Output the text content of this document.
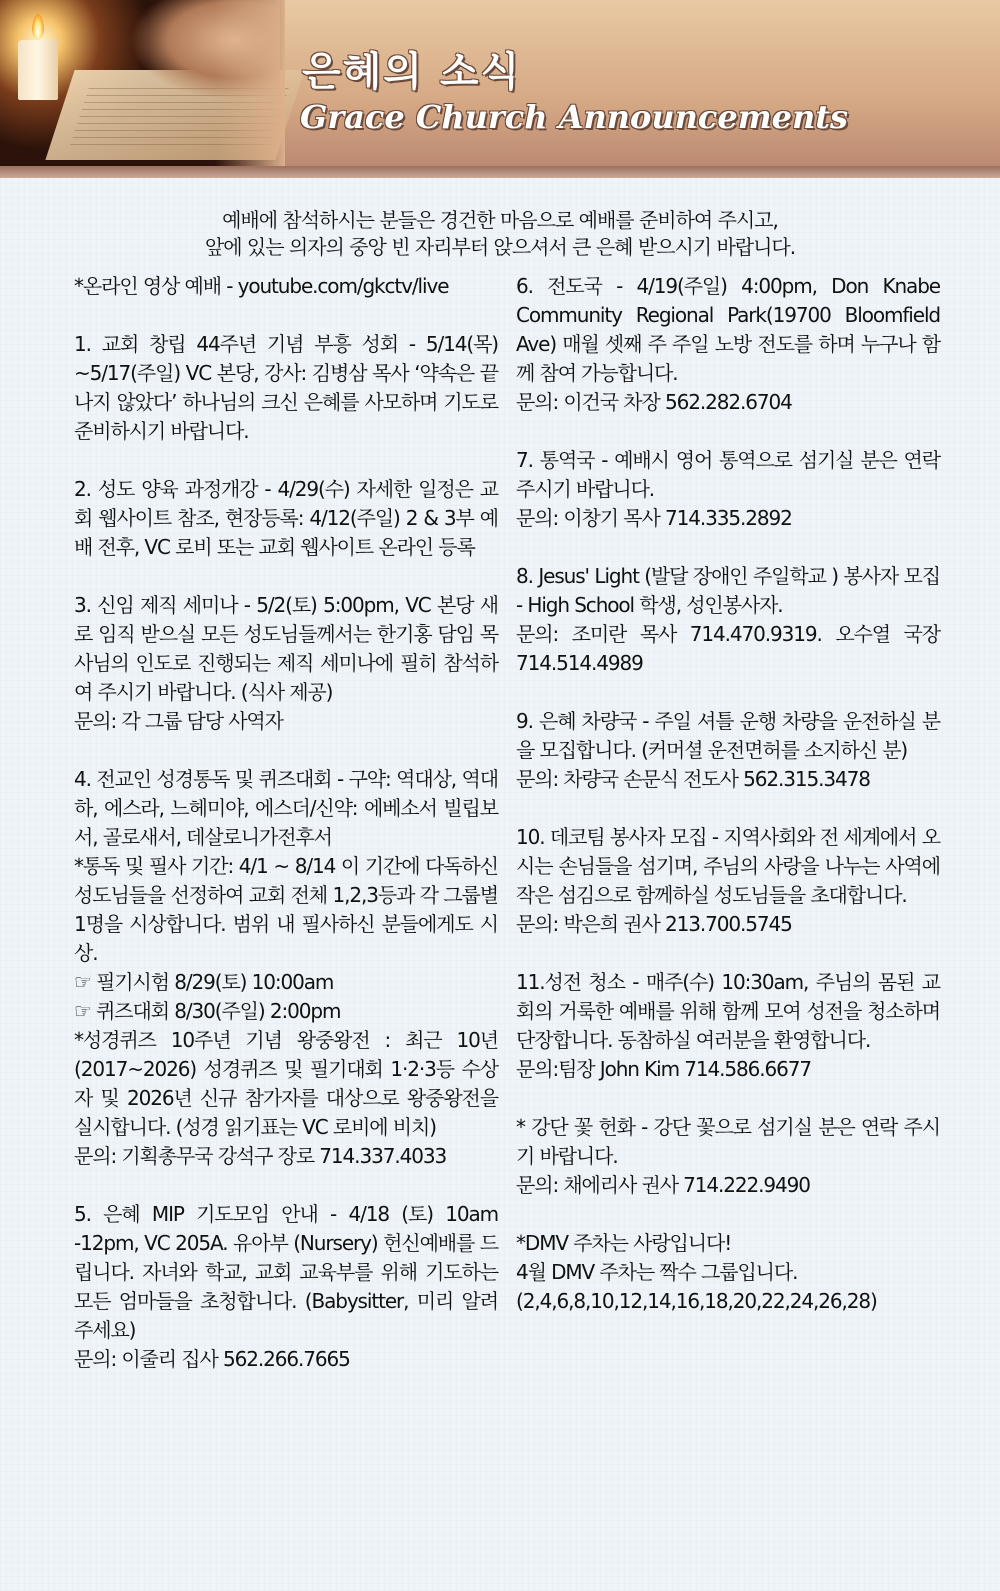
은혜의 소식
Grace Church Announcements
예배에 참석하시는 분들은 경건한 마음으로 예배를 준비하여 주시고,
앞에 있는 의자의 중앙 빈 자리부터 앉으셔서 큰 은혜 받으시기 바랍니다.

*온라인 영상 예배 - youtube.com/gkctv/live

1. 교회 창립 44주년 기념 부흥 성회 - 5/14(목) ~5/17(주일) VC 본당, 강사: 김병삼 목사 ‘약속은 끝나지 않았다’ 하나님의 크신 은혜를 사모하며 기도로 준비하시기 바랍니다.

2. 성도 양육 과정개강 - 4/29(수) 자세한 일정은 교회 웹사이트 참조, 현장등록: 4/12(주일) 2 & 3부 예배 전후, VC 로비 또는 교회 웹사이트 온라인 등록

3. 신임 제직 세미나 - 5/2(토) 5:00pm, VC 본당 새로 임직 받으실 모든 성도님들께서는 한기홍 담임 목사님의 인도로 진행되는 제직 세미나에 필히 참석하여 주시기 바랍니다. (식사 제공)

문의: 각 그룹 담당 사역자

4. 전교인 성경통독 및 퀴즈대회 - 구약: 역대상, 역대하, 에스라, 느헤미야, 에스더/신약: 에베소서 빌립보서, 골로새서, 데살로니가전후서

*통독 및 필사 기간: 4/1 ~ 8/14 이 기간에 다독하신 성도님들을 선정하여 교회 전체 1,2,3등과 각 그룹별 1명을 시상합니다. 범위 내 필사하신 분들에게도 시상.

☞ 필기시험 8/29(토) 10:00am

☞ 퀴즈대회 8/30(주일) 2:00pm

*성경퀴즈 10주년 기념 왕중왕전 : 최근 10년(2017~2026) 성경퀴즈 및 필기대회 1·2·3등 수상자 및 2026년 신규 참가자를 대상으로 왕중왕전을 실시합니다. (성경 읽기표는 VC 로비에 비치)

문의: 기획총무국 강석구 장로 714.337.4033

5. 은혜 MIP 기도모임 안내 - 4/18 (토) 10am -12pm, VC 205A. 유아부 (Nursery) 헌신예배를 드립니다. 자녀와 학교, 교회 교육부를 위해 기도하는 모든 엄마들을 초청합니다. (Babysitter, 미리 알려주세요)

문의: 이줄리 집사 562.266.7665

6. 전도국 - 4/19(주일) 4:00pm, Don Knabe Community Regional Park(19700 Bloomfield Ave) 매월 셋째 주 주일 노방 전도를 하며 누구나 함께 참여 가능합니다.

문의: 이건국 차장 562.282.6704

7. 통역국 - 예배시 영어 통역으로 섬기실 분은 연락 주시기 바랍니다.

문의: 이창기 목사 714.335.2892

8. Jesus' Light (발달 장애인 주일학교 ) 봉사자 모집 - High School 학생, 성인봉사자.

문의: 조미란 목사 714.470.9319. 오수열 국장 714.514.4989

9. 은혜 차량국 - 주일 셔틀 운행 차량을 운전하실 분을 모집합니다. (커머셜 운전면허를 소지하신 분)

문의: 차량국 손문식 전도사 562.315.3478

10. 데코팀 봉사자 모집 - 지역사회와 전 세계에서 오시는 손님들을 섬기며, 주님의 사랑을 나누는 사역에 작은 섬김으로 함께하실 성도님들을 초대합니다.

문의: 박은희 권사 213.700.5745

11.성전 청소 - 매주(수) 10:30am, 주님의 몸된 교회의 거룩한 예배를 위해 함께 모여 성전을 청소하며 단장합니다. 동참하실 여러분을 환영합니다.

문의:팀장 John Kim 714.586.6677

* 강단 꽃 헌화 - 강단 꽃으로 섬기실 분은 연락 주시기 바랍니다.

문의: 채에리사 권사 714.222.9490

*DMV 주차는 사랑입니다!

4월 DMV 주차는 짝수 그룹입니다.

(2,4,6,8,10,12,14,16,18,20,22,24,26,28)
